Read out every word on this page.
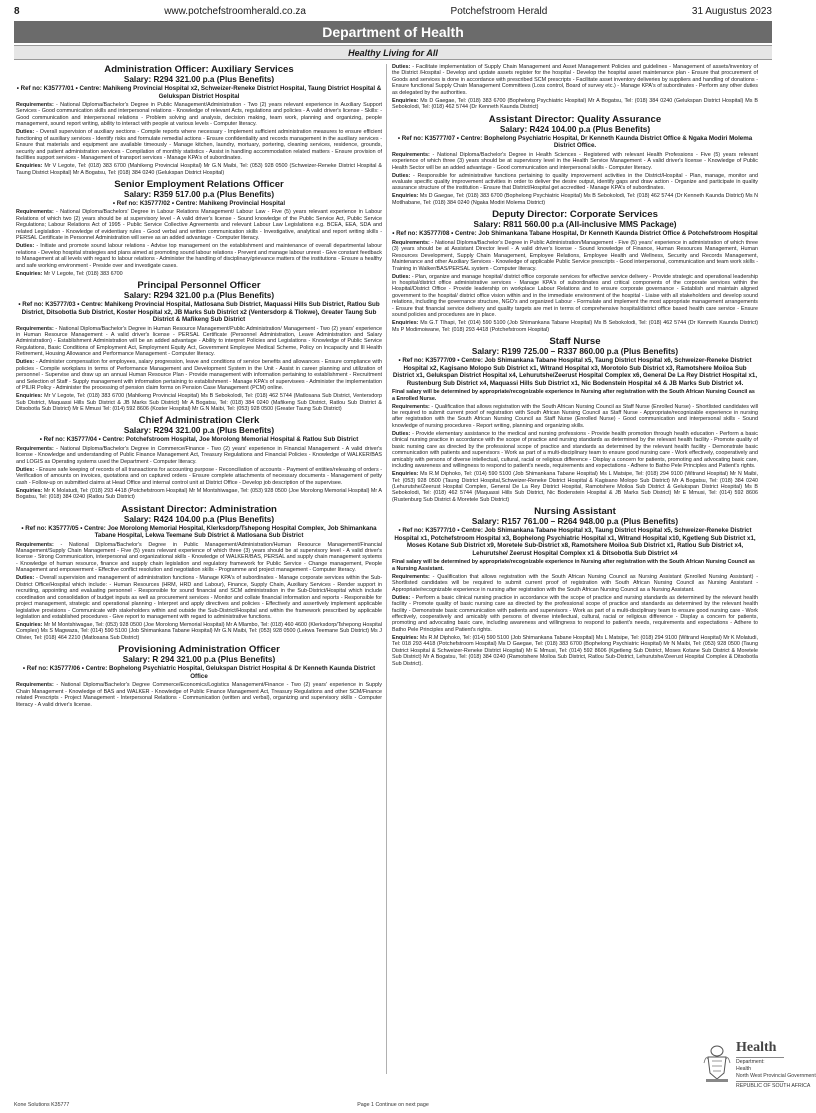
8	www.potchefstroomherald.co.za	Potchefstroom Herald	31 Augustus 2023
Department of Health
Healthy Living for All
Administration Officer: Auxiliary Services
Salary: R294 321.00 p.a (Plus Benefits)
• Ref no: K35777/01 • Centre: Mahikeng Provincial Hospital x2, Schweizer-Reneke District Hospital, Taung District Hospital & Gelukspan District Hospital

Requirements: - National Diploma/Bachelor's Degree in Public Management/Administration - Two (2) years relevant experience in Auxiliary Support Services - Good communication skills and interpersonal relations - Knowledge of relevant Acts, regulations and policies - A valid driver's license - Skills: - Good communication and interpersonal relations - Problem solving and analysis, decision making, team work, planning and organizing, people management, sound report writing, ability to interact with people at various levels - Computer literacy.

Duties: - Overall supervision of auxiliary sections - Compile reports where necessary - Implement sufficient administration measures to ensure efficient functioning of auxiliary services - Identify risks and formulate remedial actions - Ensure confidentiality and records management in the auxiliary services - Ensure that materials and equipment are available timeously - Manage kitchen, laundry, mortuary, portering, cleaning services, residence, grounds, security and patient administration services - Compilation of monthly statistics - Assist in handling accommodation related matters - Ensure provision of facilities support services - Management of transport services - Manage KPA's of subordinates.

Enquiries: Mr V Legote, Tel: (018) 383 6700 (Mahikeng Provincial Hospital) Mr G.N Maibi, Tel: (053) 928 0500 (Schweizer-Reneke District Hospital & Taung District Hospital) Mr A Bogatsu, Tel: (018) 384 0240 (Gelukspan District Hospital)

Senior Employment Relations Officer
Salary: R359 517.00 p.a (Plus Benefits)
• Ref no: K35777/02 • Centre: Mahikeng Provincial Hospital

Requirements: - National Diploma/Bachelors' Degree in Labour Relations Management/ Labour Law - Five (5) years relevant experience in Labour Relations of which two (2) years should be at supervisory level - A valid driver's license - Sound knowledge of the Public Service Act, Public Service Regulations; Labour Relations Act of 1995 - Public Service Collective Agreements and relevant Labour Law Legislations e.g. BCEA, EEA, SDA and related Legislation - Knowledge of evidentiary rules - Good verbal and written communication skills - Investigative, analytical and report writing skills - PERSAL Certificate in Personnel Administration will serve as an added advantage - Computer literacy.

Duties: - Initiate and promote sound labour relations - Advise top management on the establishment and maintenance of overall departmental labour relations - Develop hospital strategies and plans aimed at promoting sound labour relations - Prevent and manage labour unrest - Give constant feedback to Management at all levels with regard to labour relations - Administer the handling of disciplinary/grievance matters of the institutions - Ensure a healthy and safe working environment - Preside over and investigate cases.

Enquiries: Mr V Legote, Tel: (018) 383 6700

Principal Personnel Officer
Salary: R294 321.00 p.a (Plus Benefits)
• Ref no: K35777/03 • Centre: Mahikeng Provincial Hospital, Matlosana Sub District, Maquassi Hills Sub District, Ratlou Sub District, Ditsobotla Sub District, Koster Hospital x2, JB Marks Sub District x2 (Ventersdorp & Tlokwe), Greater Taung Sub District & Mafikeng Sub District

Requirements: - National Diploma/Bachelor's Degree in Human Resource Management/Public Administration/ Management - Two (2) years' experience in Human Resource Management - A valid driver's license - PERSAL Certificate (Personnel Administration, Leave Administration and Salary Administration) - Establishment Administration will be an added advantage - Ability to interpret Policies and Legislations - Knowledge of Public Service Regulations, Basic Conditions of Employment Act, Employment Equity Act, Government Employee Medical Scheme, Policy on Incapacity and Ill Health Retirement, Housing Allowance and Performance Management - Computer literacy.

Duties: - Administer compensation for employees, salary progression, leave and conditions of service benefits and allowances - Ensure compliance with policies - Compile workplans in terms of Performance Management and Development System in the Unit - Assist in career planning and utilization of personnel - Supervise and draw up an annual Human Resource Plan - Provide management with information pertaining to establishment - Recruitment and Selection of Staff - Supply management with information pertaining to establishment - Manage KPA's of supervisees - Administer the implementation of PILIR Policy - Administer the processing of pension claim forms on Pension Case Management (PCM) online.

Enquiries: Mr V Legote, Tel: (018) 383 6700 (Mahikeng Provincial Hospital) Ms B Sebokolodi, Tel: (018) 462 5744 (Matlosana Sub District, Ventersdorp Sub District, Maquassi Hills Sub District & JB Marks Sub District) Mr A Bogatsu, Tel: (018) 384 0240 (Mafikeng Sub District, Ratlou Sub District & Ditsobotla Sub District) Mr E Mmusi Tel: (014) 592 8606 (Koster Hospital) Mr G.N Maibi, Tel: (053) 928 0500 (Greater Taung Sub District)

Chief Administration Clerk
Salary: R294 321.00 p.a (Plus Benefits)
• Ref no: K35777/04 • Centre: Potchefstroom Hospital, Joe Morolong Memorial Hospital & Ratlou Sub District

Requirements: - National Diploma/Bachelor's Degree in Commerce/Finance - Two (2) years' experience in Financial Management - A valid driver's license - Knowledge and understanding of Public Finance Management Act, Treasury Regulations and Financial Policies - Knowledge of WALKER/BAS and LOGIS as Operating systems used the Department - Computer literacy.

Duties: - Ensure safe keeping of records of all transactions for accounting purpose - Reconciliation of accounts - Payment of entities/releasing of orders - Verification of amounts on invoices, quotations and on captured orders - Ensure complete attachments of necessary documents - Management of petty cash - Follow-up on submitted claims at Head Office and internal control unit at District Office - Develop job description of the supervisee.

Enquiries: Mr K Molatudi, Tel: (018) 293 4418 (Potchefstroom Hospital) Mr M Montshiwagae, Tel: (053) 928 0500 (Joe Morolong Memorial Hospital) Mr A Bogatsu, Tel: (018) 384 0240 (Ratlou Sub District)

Assistant Director: Administration
Salary: R424 104.00 p.a (Plus Benefits)
• Ref no: K35777/05 • Centre: Joe Morolong Memorial Hospital, Klerksdorp/Tshepong Hospital Complex, Job Shimankana Tabane Hospital, Lekwa Teemane Sub District & Matlosana Sub District

Requirements: - National Diploma/Bachelor's Degree in Public Management/Administration/Human Resource Management/Financial Management/Supply Chain Management - Five (5) years relevant experience of which three (3) years should be at supervisory level - A valid driver's license - Strong Communication, interpersonal and organizational skills - Knowledge of WALKER/BAS, PERSAL and supply chain management systems - Knowledge of human resource, finance and supply chain legislation and regulatory framework for Public Service - Change management, People Management and empowerment - Effective conflict resolution and negotiation skills - Programme and project management - Computer literacy.

Duties: - Overall supervision and management of administration functions - Manage KPA's of subordinates - Manage corporate services within the Sub-District Office/Hospital which include: - Human Resources (HRM, HRD and Labour), Finance, Supply Chain, Auxiliary Services - Render support in recruiting, appointing and evaluating personnel - Responsible for sound financial and SCM administration in the Sub-District/Hospital which include coordination and consolidation of budget inputs as well as procurement services - Monitor and collate financial information and reports - Responsible for project management, strategic and operational planning - Interpret and apply directives and policies - Effectively and assertively implement applicable legislative provisions - Communicate with stakeholders within and outside the Sub-District/Hospital and within the framework prescribed by applicable legislation and established procedures - Give report to management with regard to administrative functions.

Enquiries: Mr M Montshiwagae, Tel: (053) 928 0500 (Joe Morolong Memorial Hospital) Mr A Mlambo, Tel: (018) 460 4600 (Klerksdorp/Tshepong Hospital Complex) Ms S Magwaza, Tel: (014) 590 5100 (Job Shimankana Tabane Hospital) Mr G.N Maibi, Tel: (053) 928 0500 (Lekwa Teemane Sub District) Ms J Olivier, Tel: (018) 464 2210 (Matlosana Sub District)

Provisioning Administration Officer
Salary: R 294 321.00 p.a (Plus Benefits)
• Ref no: K35777/06 • Centre: Bophelong Psychiatric Hospital, Gelukspan District Hospital & Dr Kenneth Kaunda District Office

Requirements: - National Diploma/Bachelor's Degree Commerce/Economics/Logistics Management/Finance - Two (2) years' experience in Supply Chain Management - Knowledge of BAS and WALKER - Knowledge of Public Finance Management Act, Treasury Regulations and other SCM/Finance related Prescripts - Project Management - Interpersonal Relations - Communication (written and verbal), organizing and supervisory skills - Computer literacy - A valid driver's license.

Duties: - Facilitate implementation of Supply Chain Management and Asset Management Policies and guidelines - Management of assets/inventory of the District /Hospital - Develop and update assets register for the hospital - Develop the hospital asset maintenance plan - Ensure that procurement of Goods and services is done in accordance with prescribed SCM prescripts - Facilitate asset inventory deliveries by suppliers and handling of donations - Ensure functional Supply Chain Management Committees (Loss control, Board of survey etc.) - Manage KPA's of subordinates - Perform any other duties as delegated by the authorities.

Enquiries: Ms D Gaegae, Tel: (018) 383 6700 (Bophelong Psychiatric Hospital) Mr A Bogatsu, Tel: (018) 384 0240 (Gelukspan District Hospital) Ms B Sebokolodi, Tel: (018) 462 5744 (Dr Kenneth Kaunda District)

Assistant Director: Quality Assurance
Salary: R424 104.00 p.a (Plus Benefits)
• Ref no: K35777/07 • Centre: Bophelong Psychiatric Hospital, Dr Kenneth Kaunda District Office & Ngaka Modiri Molema District Office.

Requirements: - National Diploma/Bachelor's Degree in Health Sciences - Registered with relevant Health Professions - Five (5) years relevant experience of which three (3) years should be at supervisory level in the Health Service Management - A valid driver's license - Knowledge of Public Health Sector will be an added advantage - Good communication and interpersonal skills - Computer literacy.

Duties: - Responsible for administrative functions pertaining to quality improvement activities in the District/Hospital - Plan, manage, monitor and evaluate specific quality improvement activities in order to deliver the desire output, identify gaps and draw action - Organize and participate in quality assurance structure of the institution - Ensure that District/Hospital get accredited - Manage KPA's of subordinates.

Enquiries: Ms D Gaegae, Tel: (018) 383 6700 (Bophelong Psychiatric Hospital) Ms B Sebokolodi, Tel: (018) 462 5744 (Dr Kenneth Kaunda District) Ms N Motlhabane, Tel: (018) 384 0240 (Ngaka Modiri Molema District)

Deputy Director: Corporate Services
Salary: R811 560.00 p.a (All-inclusive MMS Package)
• Ref no: K35777/08 • Centre: Job Shimankana Tabane Hospital, Dr Kenneth Kaunda District Office & Potchefstroom Hospital

Requirements: - National Diploma/Bachelor's Degree in Public Administration/Management - Five (5) years' experience in administration of which three (3) years should be at Assistant Director level - A valid driver's license - Sound knowledge of Finance, Human Resources Management, Human Resources Development, Supply Chain Management, Employee Relations, Employee Health and Wellness, Security and Records Management, Maintenance and other Auxiliary Services - Knowledge of applicable Public Service prescripts - Good interpersonal, communication and team work skills - Training in Walker/BAS/PERSAL system - Computer literacy.

Duties: - Plan, organize and manage hospital/ district office corporate services for effective service delivery - Provide strategic and operational leadership in hospital/district office administrative services - Manage KPA's of subordinates and critical components of the corporate services within the Hospital/District Office - Provide leadership on workplace Labour Relations and to ensure corporate governance - Establish and maintain aligned government to the hospital/ district office vision within and in the immediate environment of the hospital - Liaise with all stakeholders and develop sound relations, including the governance structure, NGO's and organized Labour - Formulate and implement the most appropriate management arrangements - Ensure that financial service delivery and quality targets are met in terms of comprehensive hospital/district office based health care service - Ensure sound policies and procedures are in place.

Enquiries: Ms G.T Tlhapi, Tel: (014) 590 5100 (Job Shimankana Tabane Hospital) Ms B Sebokolodi, Tel: (018) 462 5744 (Dr Kenneth Kaunda District) Ms P Modimoiwane, Tel: (018) 293 4418 (Potchefstroom Hospital)

Staff Nurse
Salary: R199 725.00 – R337 860.00 p.a (Plus Benefits)
• Ref no: K35777/09 • Centre: Job Shimankana Tabane Hospital x5, Taung District Hospital x6, Schweizer-Reneke District Hospital x2, Kagisano Molopo Sub District x1, Witrand Hospital x3, Morotolo Sub District x3, Ramotshere Moiloa Sub District x1, Gelukspan District Hospital x4, Lehurutshe/Zeerust Hospital Complex x6, General De La Rey District Hospital x1, Rustenburg Sub District x4, Maquassi Hills Sub District x1, Nic Bodenstein Hospital x4 & JB Marks Sub District x4.

Final salary will be determined by appropriate/recognizable experience in Nursing after registration with the South African Nursing Council as a Enrolled Nurse.

Requirements: - Qualification that allows registration with the South African Nursing Council as Staff Nurse (Enrolled Nurse) - Shortlisted candidates will be required to submit current proof of registration with South African Nursing Council as Staff Nurse - Appropriate/recognizable experience in nursing after registration with the South African Nursing Council as Staff Nurse (Enrolled Nurse) - Good communication and interpersonal skills - Sound knowledge of nursing procedures - Report writing, planning and organizing skills.

Duties: - Provide elementary assistance to the medical and nursing professions - Provide health promotion through health education - Perform a basic clinical nursing practice in accordance with the scope of practice and nursing standards as determined by the relevant health facility - Promote quality of basic nursing care as directed by the professional scope of practice and standards as determined by the relevant health facility - Demonstrate basic communication with patients and supervisors - Work as part of a multi-disciplinary team to ensure good nursing care - Work effectively, cooperatively and amicably with persons of diverse intellectual, cultural, racial or religious difference - Display a concern for patients, promoting and advocating basic care, including awareness and willingness to respond to patient's needs, requirements and expectations - Adhere to Batho Pele Principles and Patient's rights.

Enquiries: Ms R.M Diphoko, Tel: (014) 590 5100 (Job Shimankana Tabane Hospital) Ms L Matsipe, Tel: (018) 294 9100 (Witrand Hospital) Mr N Maibi, Tel: (053) 928 0500 (Taung District Hospital,Schweizer-Reneke District Hospital & Kagisano Molopo Sub District) Mr A Bogatsu, Tel: (018) 384 0240 (Lehurutshe/Zeerust Hospital Complex, General De La Rey District Hospital, Ramotshere Moiloa Sub District & Gelukspan District Hospital) Ms B Sebokolodi, Tel: (018) 462 5744 (Maquassi Hills Sub District, Nic Bodenstein Hospital & JB Marks Sub District) Mr E Mmusi, Tel: (014) 592 8606 (Rustenburg Sub District & Moretele Sub District)

Nursing Assistant
Salary: R157 761.00 – R264 948.00 p.a (Plus Benefits)
• Ref no: K35777/10 • Centre: Job Shimankana Tabane Hospital x3, Taung District Hospital x5, Schweizer-Reneke District Hospital x1, Potchefstroom Hospital x3, Bophelong Psychiatric Hospital x1, Witrand Hospital x10, Kgetleng Sub District x1, Moses Kotane Sub District x9, Moretele Sub-District x8, Ramotshere Moiloa Sub District x1, Ratlou Sub District x4, Lehurutshe/ Zeerust Hospital Complex x1 & Ditsobotla Sub District x4

Final salary will be determined by appropriate/recognizable experience in Nursing after registration with the South African Nursing Council as a Nursing Assistant.

Requirements: - Qualification that allows registration with the South African Nursing Council as Nursing Assistant (Enrolled Nursing Assistant) - Shortlisted candidates will be required to submit current proof of registration with South African Nursing Council as Nursing Assistant - Appropriate/recognizable experience in nursing after registration with the South African Nursing Council as a Nursing Assistant.

Duties: - Perform a basic clinical nursing practice in accordance with the scope of practice and nursing standards as determined by the relevant health facility - Promote quality of basic nursing care as directed by the professional scope of practice and standards as determined by the relevant health facility - Demonstrate basic communication with patients and supervisors - Work as part of a multi-disciplinary team to ensure good nursing care - Work effectively, cooperatively and amicably with persons of diverse intellectual, cultural, racial or religious difference - Display a concern for patients, promoting and advocating basic care, including awareness and willingness to respond to patient's needs, requirements and expectations - Adhere to Batho Pele Principles and Patient's rights.

Enquiries: Ms R.M Diphoko, Tel: (014) 590 5100 (Job Shimankana Tabane Hospital) Ms L Matsipe, Tel: (018) 294 9100 (Witrand Hospital) Mr K Molatudi, Tel: 018 293 4418 (Potchefstroom Hospital) Ms D Gaegae, Tel: (018) 383 6700 (Bophelong Psychiatric Hospital) Mr N Maibi, Tel: (053) 928 0500 (Taung District Hospital & Schweizer-Reneke District Hospital) Mr E Mmusi, Tel: (014) 592 8606 (Kgetleng Sub District, Moses Kotane Sub District & Moretele Sub District) Mr A Bogatsu, Tel: (018) 384 0240 (Ramotshere Moiloa Sub District, Ratlou Sub-District, Lehurutshe/Zeerust Hospital Complex & Ditsobotla Sub District).

Health
Department:
Health
North West Provincial Government
REPUBLIC OF SOUTH AFRICA
Kone Solutions K35777	Page 1 Continue on next page
